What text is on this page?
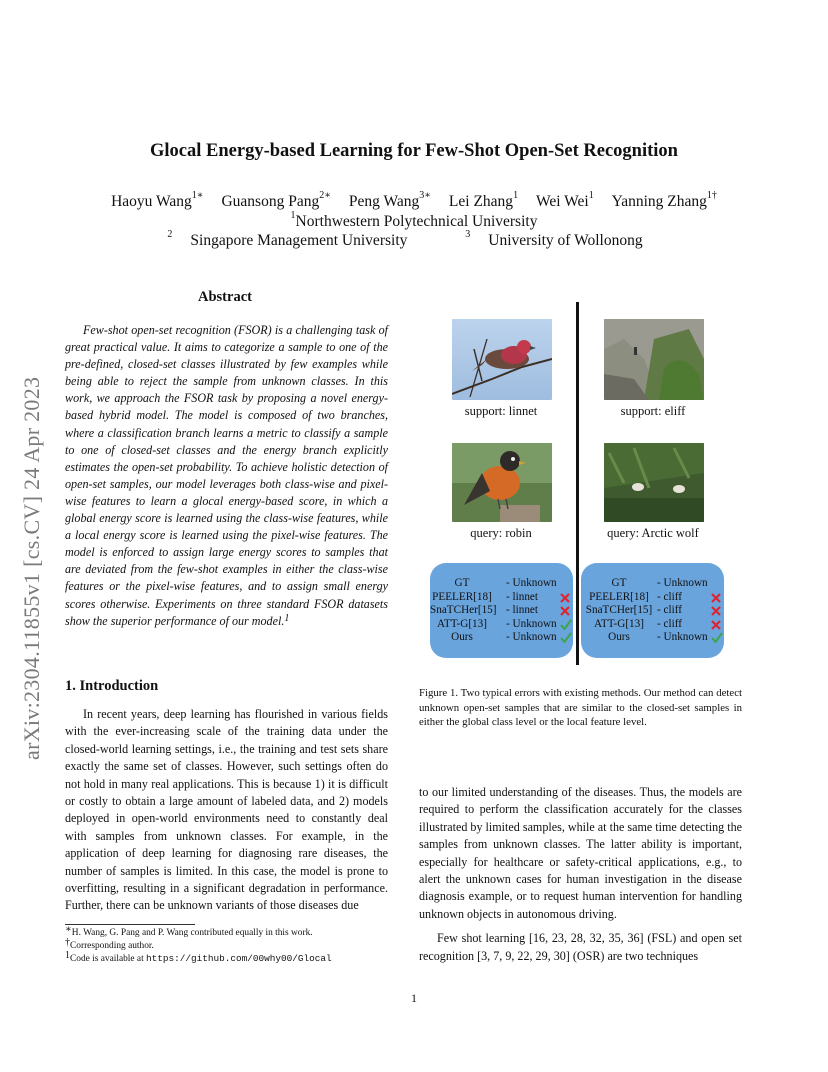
Glocal Energy-based Learning for Few-Shot Open-Set Recognition
Haoyu Wang$^{1∗}$ Guansong Pang$^{2∗}$ Peng Wang$^{3∗}$ Lei Zhang$^1$ Wei Wei$^1$ Yanning Zhang$^{1\dagger}$
$^1$Northwestern Polytechnical University
$^2$ Singapore Management University	$^3$ University of Wollonong
arXiv:2304.11855v1 [cs.CV] 24 Apr 2023
Abstract
Few-shot open-set recognition (FSOR) is a challenging task of great practical value. It aims to categorize a sample to one of the pre-defined, closed-set classes illustrated by few examples while being able to reject the sample from unknown classes. In this work, we approach the FSOR task by proposing a novel energy-based hybrid model. The model is composed of two branches, where a classification branch learns a metric to classify a sample to one of closed-set classes and the energy branch explicitly estimates the open-set probability. To achieve holistic detection of open-set samples, our model leverages both class-wise and pixel-wise features to learn a glocal energy-based score, in which a global energy score is learned using the class-wise features, while a local energy score is learned using the pixel-wise features. The model is enforced to assign large energy scores to samples that are deviated from the few-shot examples in either the class-wise features or the pixel-wise features, and to assign small energy scores otherwise. Experiments on three standard FSOR datasets show the superior performance of our model.$^1$
1. Introduction

In recent years, deep learning has flourished in various fields with the ever-increasing scale of the training data under the closed-world learning settings, i.e., the training and test sets share exactly the same set of classes. However, such settings often do not hold in many real applications. This is because 1) it is difficult or costly to obtain a large amount of labeled data, and 2) models deployed in open-world environments need to constantly deal with samples from unknown classes. For example, in the application of deep learning for diagnosing rare diseases, the number of samples is limited. In this case, the model is prone to overfitting, resulting in a significant degradation in performance. Further, there can be unknown variants of those diseases due

∗H. Wang, G. Pang and P. Wang contributed equally in this work.
†Corresponding author.
$^1$Code is available at https://github.com/00why00/Glocal
support: linnet	support: eliff
query: robin	query: Arctic wolf
GT	- Unknown
PEELER[18] - linnet
SnaTCHer[15] - linnet
ATT-G[13]	- Unknown
Ours	- Unknown
GT	- Unknown
PEELER[18] - cliff
SnaTCHer[15] - cliff
ATT-G[13]	- cliff
Ours	- Unknown
Figure 1. Two typical errors with existing methods. Our method can detect unknown open-set samples that are similar to the closed-set samples in either the global class level or the local feature level.

to our limited understanding of the diseases. Thus, the models are required to perform the classification accurately for the classes illustrated by limited samples, while at the same time detecting the samples from unknown classes. The latter ability is important, especially for healthcare or safety-critical applications, e.g., to alert the unknown cases for human investigation in the disease diagnosis example, or to request human intervention for handling unknown objects in autonomous driving.

Few shot learning [16, 23, 28, 32, 35, 36] (FSL) and open set recognition [3, 7, 9, 22, 29, 30] (OSR) are two techniques

1
